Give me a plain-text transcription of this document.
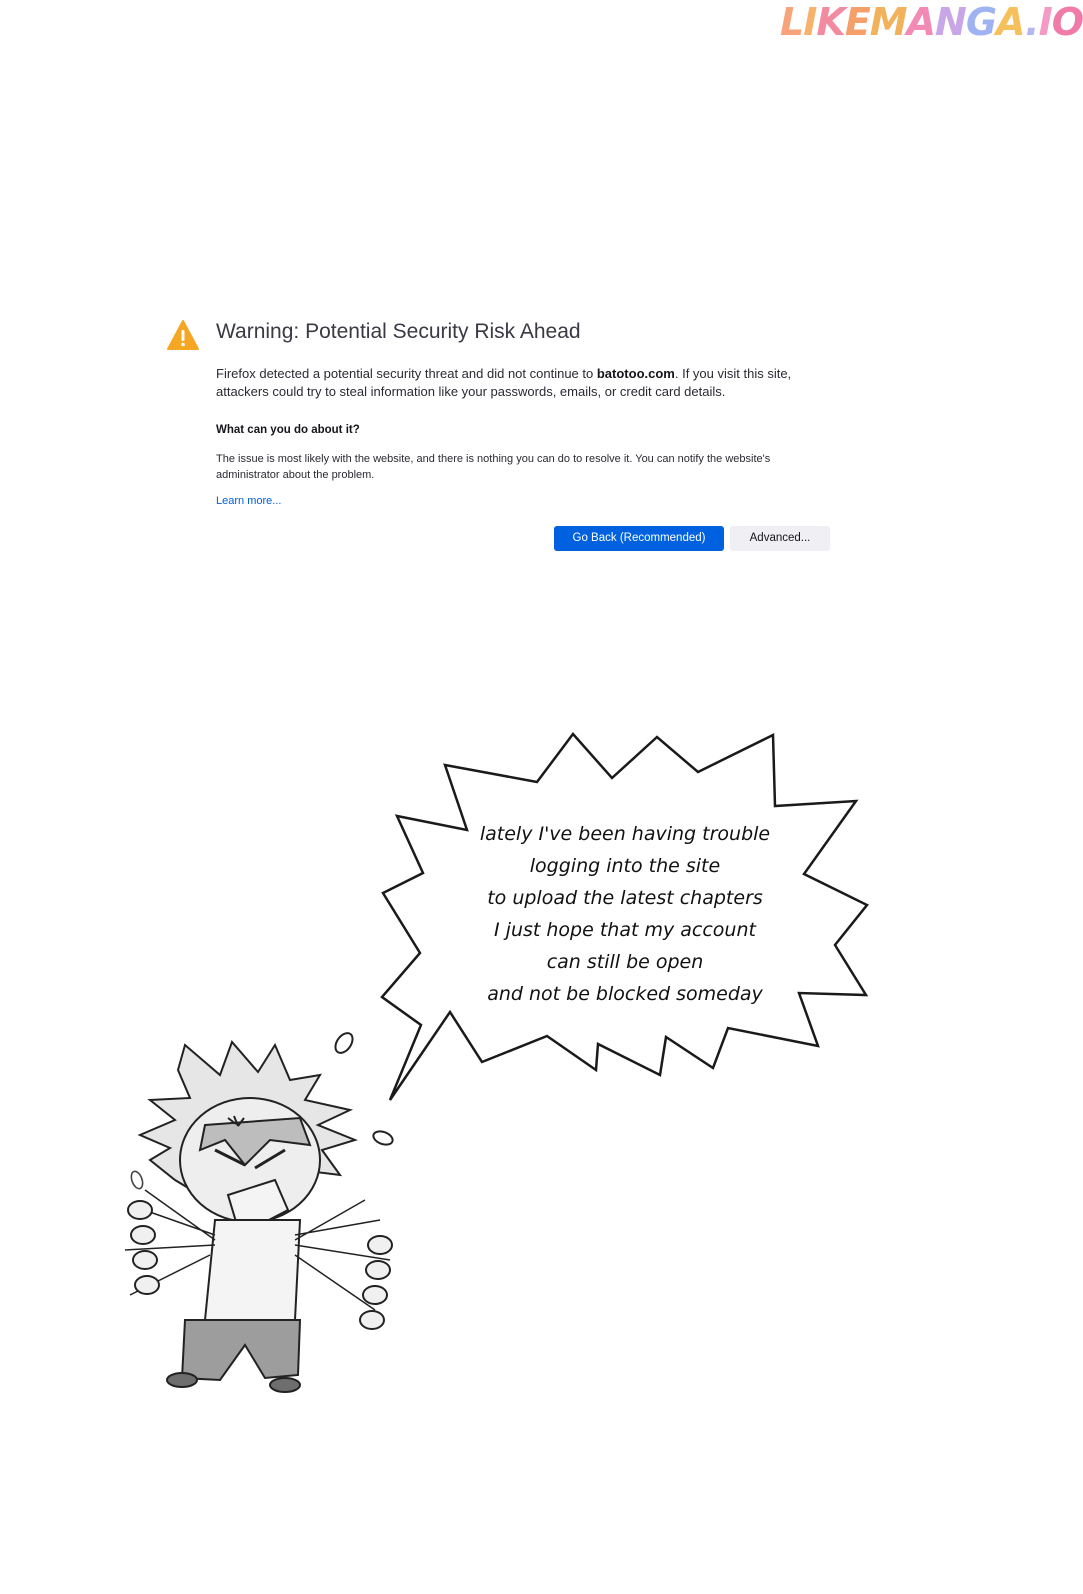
LIKEMANGA.IO
Warning: Potential Security Risk Ahead
Firefox detected a potential security threat and did not continue to batotoo.com. If you visit this site, attackers could try to steal information like your passwords, emails, or credit card details.
What can you do about it?
The issue is most likely with the website, and there is nothing you can do to resolve it. You can notify the website's administrator about the problem.
Learn more...
Go Back (Recommended)	Advanced...
lately I've been having trouble
logging into the site
to upload the latest chapters
I just hope that my account
can still be open
and not be blocked someday
